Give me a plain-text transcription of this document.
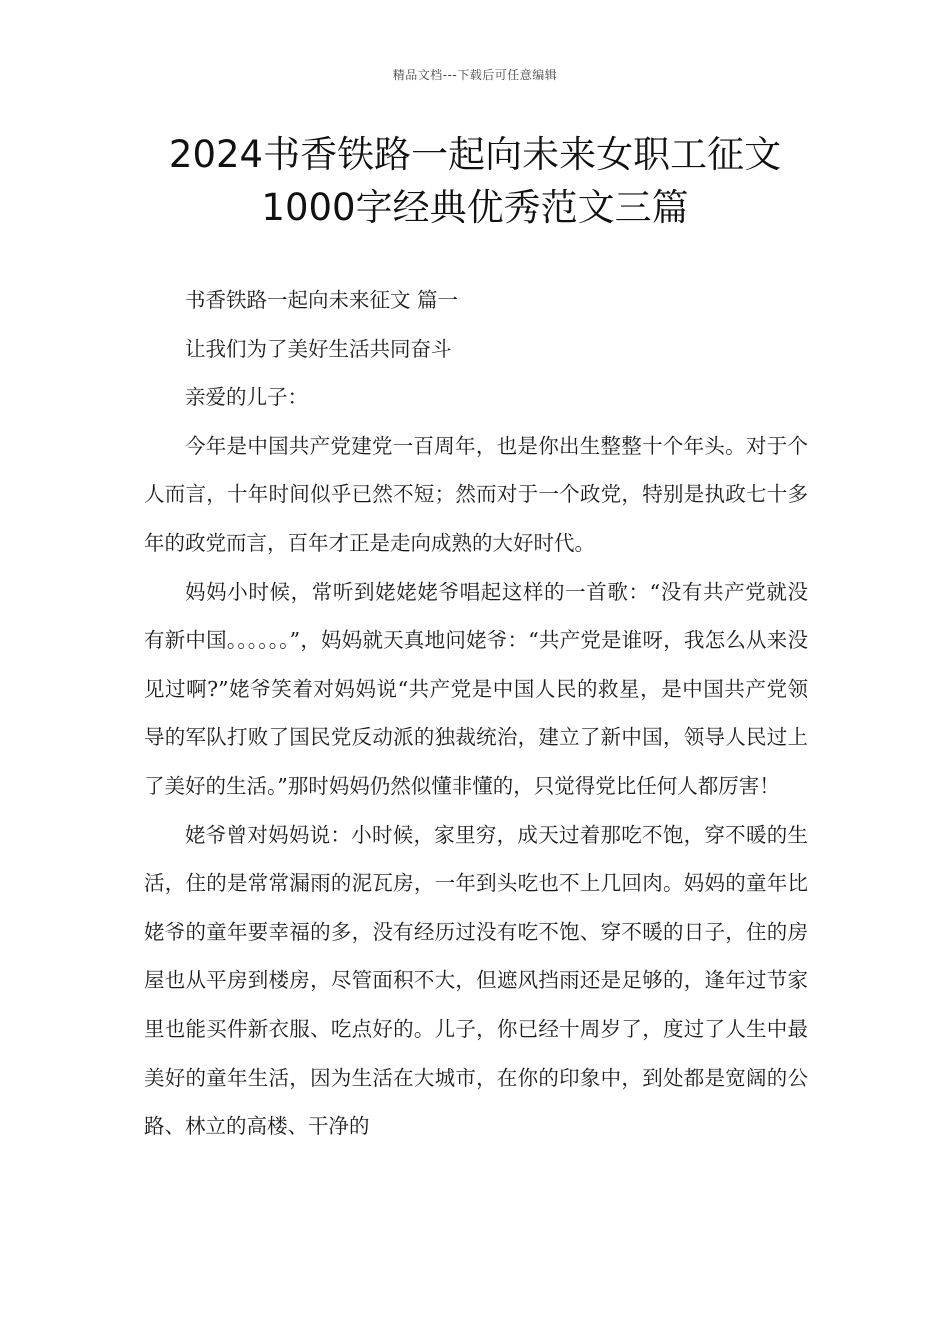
精品文档---下载后可任意编辑
2024书香铁路一起向未来女职工征文
1000字经典优秀范文三篇

书香铁路一起向未来征文 篇一

让我们为了美好生活共同奋斗

亲爱的儿子：

今年是中国共产党建党一百周年，也是你出生整整十个年头。对于个人而言，十年时间似乎已然不短；然而对于一个政党，特别是执政七十多年的政党而言，百年才正是走向成熟的大好时代。

妈妈小时候，常听到姥姥姥爷唱起这样的一首歌：“没有共产党就没有新中国。。。。。。”，妈妈就天真地问姥爷：“共产党是谁呀，我怎么从来没见过啊?”姥爷笑着对妈妈说“共产党是中国人民的救星，是中国共产党领导的军队打败了国民党反动派的独裁统治，建立了新中国，领导人民过上了美好的生活。”那时妈妈仍然似懂非懂的，只觉得党比任何人都厉害！

姥爷曾对妈妈说：小时候，家里穷，成天过着那吃不饱，穿不暖的生活，住的是常常漏雨的泥瓦房，一年到头吃也不上几回肉。妈妈的童年比姥爷的童年要幸福的多，没有经历过没有吃不饱、穿不暖的日子，住的房屋也从平房到楼房，尽管面积不大，但遮风挡雨还是足够的，逢年过节家里也能买件新衣服、吃点好的。儿子，你已经十周岁了，度过了人生中最美好的童年生活，因为生活在大城市，在你的印象中，到处都是宽阔的公路、林立的高楼、干净的
